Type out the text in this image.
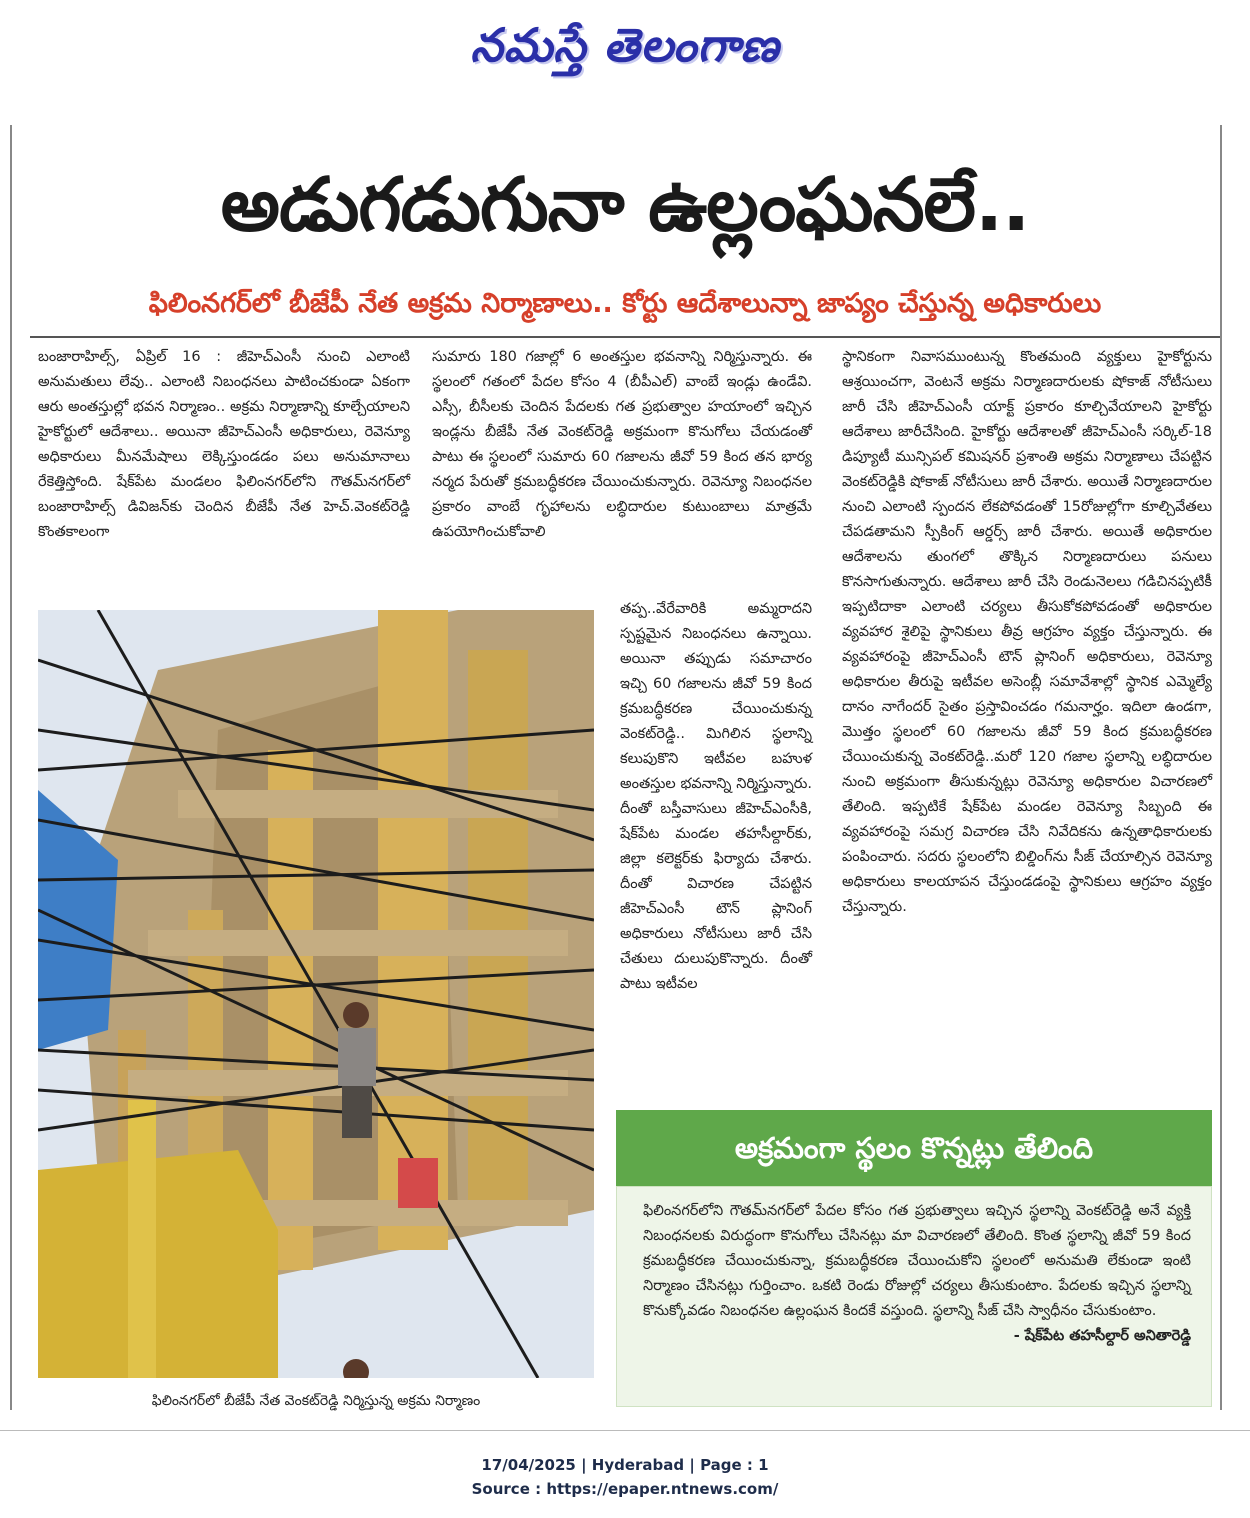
నమస్తే తెలంగాణ
అడుగడుగునా ఉల్లంఘనలే..
ఫిలింనగర్‌లో బీజేపీ నేత అక్రమ నిర్మాణాలు.. కోర్టు ఆదేశాలున్నా జాప్యం చేస్తున్న అధికారులు

బంజారాహిల్స్‌, ఏప్రిల్‌ 16 : జీహెచ్‌ఎంసీ నుంచి ఎలాంటి అనుమతులు లేవు.. ఎలాంటి నిబంధనలు పాటించకుండా ఏకంగా ఆరు అంతస్తుల్లో భవన నిర్మాణం.. అక్రమ నిర్మాణాన్ని కూల్చేయాలని హైకోర్టులో ఆదేశాలు.. అయినా జీహెచ్‌ఎంసీ అధికారులు, రెవెన్యూ అధికారులు మీనమేషాలు లెక్కిస్తుండడం పలు అనుమానాలు రేకెత్తిస్తోంది. షేక్‌పేట మండలం ఫిలింనగర్‌లోని గౌతమ్‌నగర్‌లో బంజారాహిల్స్‌ డివిజన్‌కు చెందిన బీజేపీ నేత హెచ్‌.వెంకట్‌రెడ్డి కొంతకాలంగా

సుమారు 180 గజాల్లో 6 అంతస్తుల భవనాన్ని నిర్మిస్తున్నారు. ఈ స్థలంలో గతంలో పేదల కోసం 4 (బీపీఎల్‌) వాంబే ఇండ్లు ఉండేవి. ఎస్సీ, బీసీలకు చెందిన పేదలకు గత ప్రభుత్వాల హయాంలో ఇచ్చిన ఇండ్లను బీజేపీ నేత వెంకట్‌రెడ్డి అక్రమంగా కొనుగోలు చేయడంతో పాటు ఈ స్థలంలో సుమారు 60 గజాలను జీవో 59 కింద తన భార్య నర్మద పేరుతో క్రమబద్ధీకరణ చేయించుకున్నారు. రెవెన్యూ నిబంధనల ప్రకారం వాంబే గృహాలను లబ్ధిదారుల కుటుంబాలు మాత్రమే ఉపయోగించుకోవాలి

తప్ప..వేరేవారికి అమ్మరాదని స్పష్టమైన నిబంధనలు ఉన్నాయి. అయినా తప్పుడు సమాచారం ఇచ్చి 60 గజాలను జీవో 59 కింద క్రమబద్ధీకరణ చేయించుకున్న వెంకట్‌రెడ్డి.. మిగిలిన స్థలాన్ని కలుపుకొని ఇటీవల బహుళ అంతస్తుల భవనాన్ని నిర్మిస్తున్నారు. దీంతో బస్తీవాసులు జీహెచ్‌ఎంసీకి, షేక్‌పేట మండల తహసీల్దార్‌కు, జిల్లా కలెక్టర్‌కు ఫిర్యాదు చేశారు. దీంతో విచారణ చేపట్టిన జీహెచ్‌ఎంసీ టౌన్‌ ప్లానింగ్‌ అధికారులు నోటీసులు జారీ చేసి చేతులు దులుపుకొన్నారు. దీంతో పాటు ఇటీవల

స్థానికంగా నివాసముంటున్న కొంతమంది వ్యక్తులు హైకోర్టును ఆశ్రయించగా, వెంటనే అక్రమ నిర్మాణదారులకు షోకాజ్‌ నోటీసులు జారీ చేసి జీహెచ్‌ఎంసీ యాక్ట్‌ ప్రకారం కూల్చివేయాలని హైకోర్టు ఆదేశాలు జారీచేసింది. హైకోర్టు ఆదేశాలతో జీహెచ్‌ఎంసీ సర్కిల్‌-18 డిప్యూటీ మున్సిపల్‌ కమిషనర్‌ ప్రశాంతి అక్రమ నిర్మాణాలు చేపట్టిన వెంకట్‌రెడ్డికి షోకాజ్‌ నోటీసులు జారీ చేశారు. అయితే నిర్మాణదారుల నుంచి ఎలాంటి స్పందన లేకపోవడంతో 15రోజుల్లోగా కూల్చివేతలు చేపడతామని స్పీకింగ్‌ ఆర్డర్స్‌ జారీ చేశారు. అయితే అధికారుల ఆదేశాలను తుంగలో తొక్కిన నిర్మాణదారులు పనులు కొనసాగుతున్నారు. ఆదేశాలు జారీ చేసి రెండునెలలు గడిచినప్పటికీ ఇప్పటిదాకా ఎలాంటి చర్యలు తీసుకోకపోవడంతో అధికారుల వ్యవహార శైలిపై స్థానికులు తీవ్ర ఆగ్రహం వ్యక్తం చేస్తున్నారు. ఈ వ్యవహారంపై జీహెచ్‌ఎంసీ టౌన్‌ ప్లానింగ్‌ అధికారులు, రెవెన్యూ అధికారుల తీరుపై ఇటీవల అసెంబ్లీ సమావేశాల్లో స్థానిక ఎమ్మెల్యే దానం నాగేందర్‌ సైతం ప్రస్తావించడం గమనార్హం. ఇదిలా ఉండగా, మొత్తం స్థలంలో 60 గజాలను జీవో 59 కింద క్రమబద్ధీకరణ చేయించుకున్న వెంకట్‌రెడ్డి..మరో 120 గజాల స్థలాన్ని లబ్ధిదారుల నుంచి అక్రమంగా తీసుకున్నట్లు రెవెన్యూ అధికారుల విచారణలో తేలింది. ఇప్పటికే షేక్‌పేట మండల రెవెన్యూ సిబ్బంది ఈ వ్యవహారంపై సమగ్ర విచారణ చేసి నివేదికను ఉన్నతాధికారులకు పంపించారు. సదరు స్థలంలోని బిల్డింగ్‌ను సీజ్‌ చేయాల్సిన రెవెన్యూ అధికారులు కాలయాపన చేస్తుండడంపై స్థానికులు ఆగ్రహం వ్యక్తం చేస్తున్నారు.

ఫిలింనగర్‌లో బీజేపీ నేత వెంకట్‌రెడ్డి నిర్మిస్తున్న అక్రమ నిర్మాణం
అక్రమంగా స్థలం కొన్నట్లు తేలింది

ఫిలింనగర్‌లోని గౌతమ్‌నగర్‌లో పేదల కోసం గత ప్రభుత్వాలు ఇచ్చిన స్థలాన్ని వెంకట్‌రెడ్డి అనే వ్యక్తి నిబంధనలకు విరుద్ధంగా కొనుగోలు చేసినట్లు మా విచారణలో తేలింది. కొంత స్థలాన్ని జీవో 59 కింద క్రమబద్ధీకరణ చేయించుకున్నా, క్రమబద్ధీకరణ చేయించుకోని స్థలంలో అనుమతి లేకుండా ఇంటి నిర్మాణం చేసినట్లు గుర్తించాం. ఒకటి రెండు రోజుల్లో చర్యలు తీసుకుంటాం. పేదలకు ఇచ్చిన స్థలాన్ని కొనుక్కోవడం నిబంధనల ఉల్లంఘన కిందకే వస్తుంది. స్థలాన్ని సీజ్‌ చేసి స్వాధీనం చేసుకుంటాం.

- షేక్‌పేట తహసీల్దార్‌ అనితారెడ్డి

17/04/2025 | Hyderabad | Page : 1
Source : https://epaper.ntnews.com/
